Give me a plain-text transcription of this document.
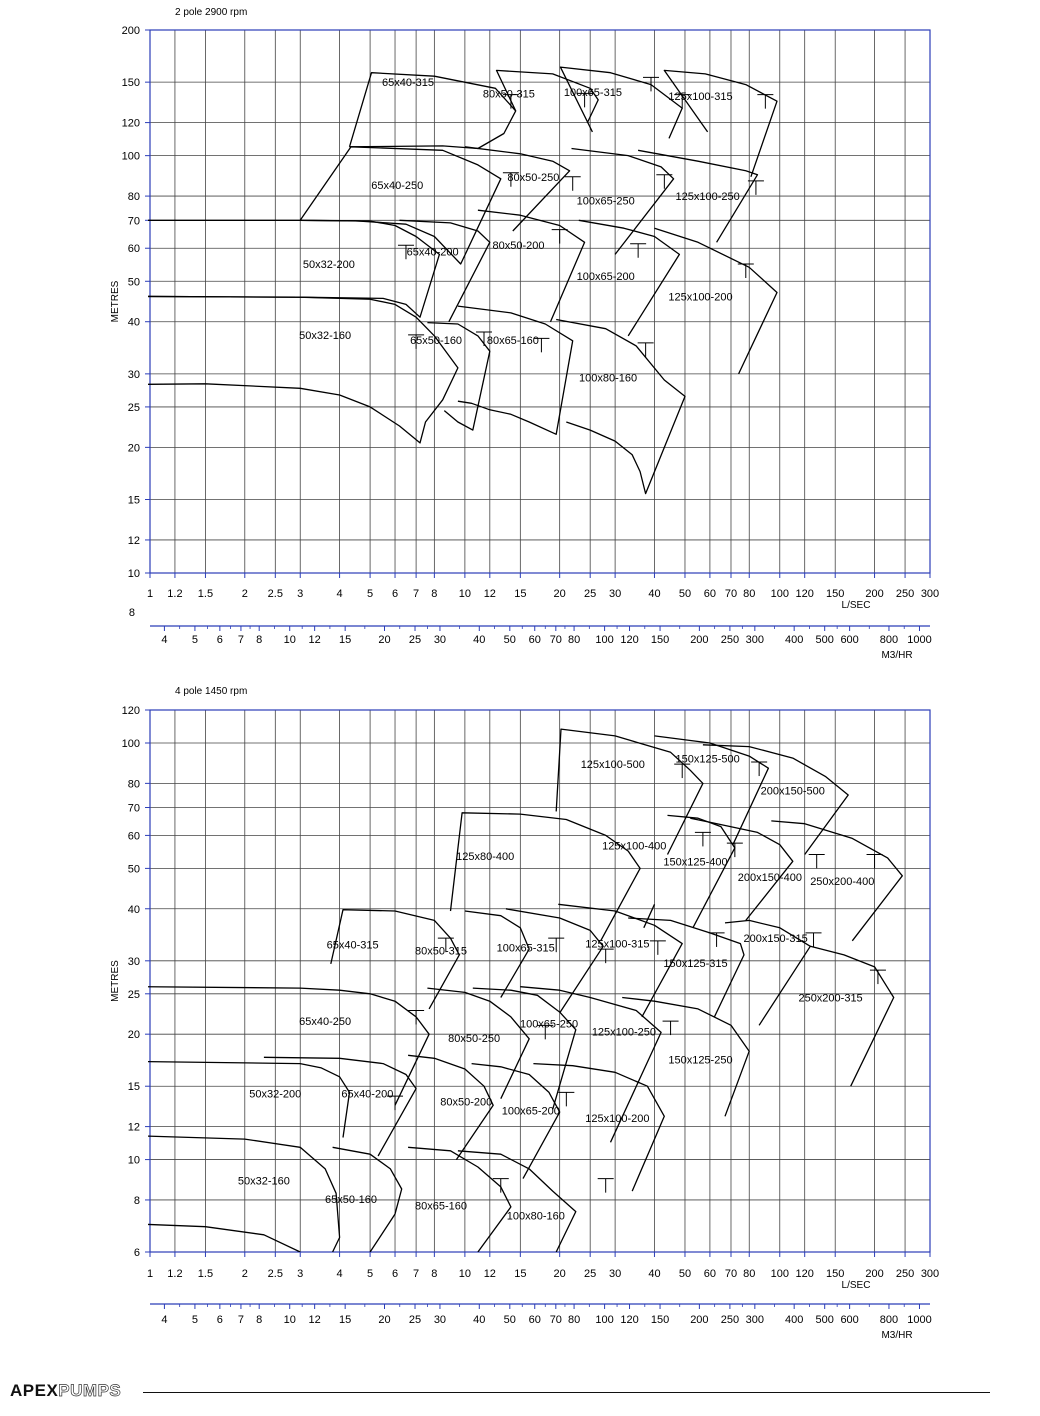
2 pole 2900 rpm
1 1.2 1.5	2 2.5 3	4 5 6 7 8 10 12 15 20 25 30 40 50 60 70 80 100 120 150 200 250 300
10
12
15
20
25
30
40
50
60
70
80
100
120
150
200
L/SEC
METRES
8
4 5 6 7 8 10 12 15 20 25 30 40 50 60 70 80 100 120 150 200 250 300 400 500 600 800 1000
M3/HR
65x40-315
80x50-315	100x65-315	125x100-315
65x40-250
80x50-250
100x65-250	125x100-250
50x32-200
65x40-200
80x50-200
100x65-200
125x100-200
50x32-160	65x50-160 80x65-160
100x80-160
4 pole 1450 rpm
1 1.2 1.5	2 2.5 3	4 5 6 7 8 10 12 15 20 25 30 40 50 60 70 80 100 120 150 200 250 300
6
8
10
12
15
20
25
30
40
50
60
70
80
100
120
L/SEC
METRES
4 5 6 7 8 10 12 15 20 25 30 40 50 60 70 80 100 120 150 200 250 300 400 500 600 800 1000
M3/HR
125x100-500	150x125-500
200x150-500
125x80-400
125x100-400
150x125-400
200x150-400 250x200-400
65x40-315	80x50-315	100x65-315	125x100-315
150x125-315
200x150-315
250x200-315
65x40-250
80x50-250
100x65-250
125x100-250
150x125-250
50x32-200	65x40-200
80x50-200
100x65-200
125x100-200
50x32-160
65x50-160
80x65-160
100x80-160
APEXPUMPS
